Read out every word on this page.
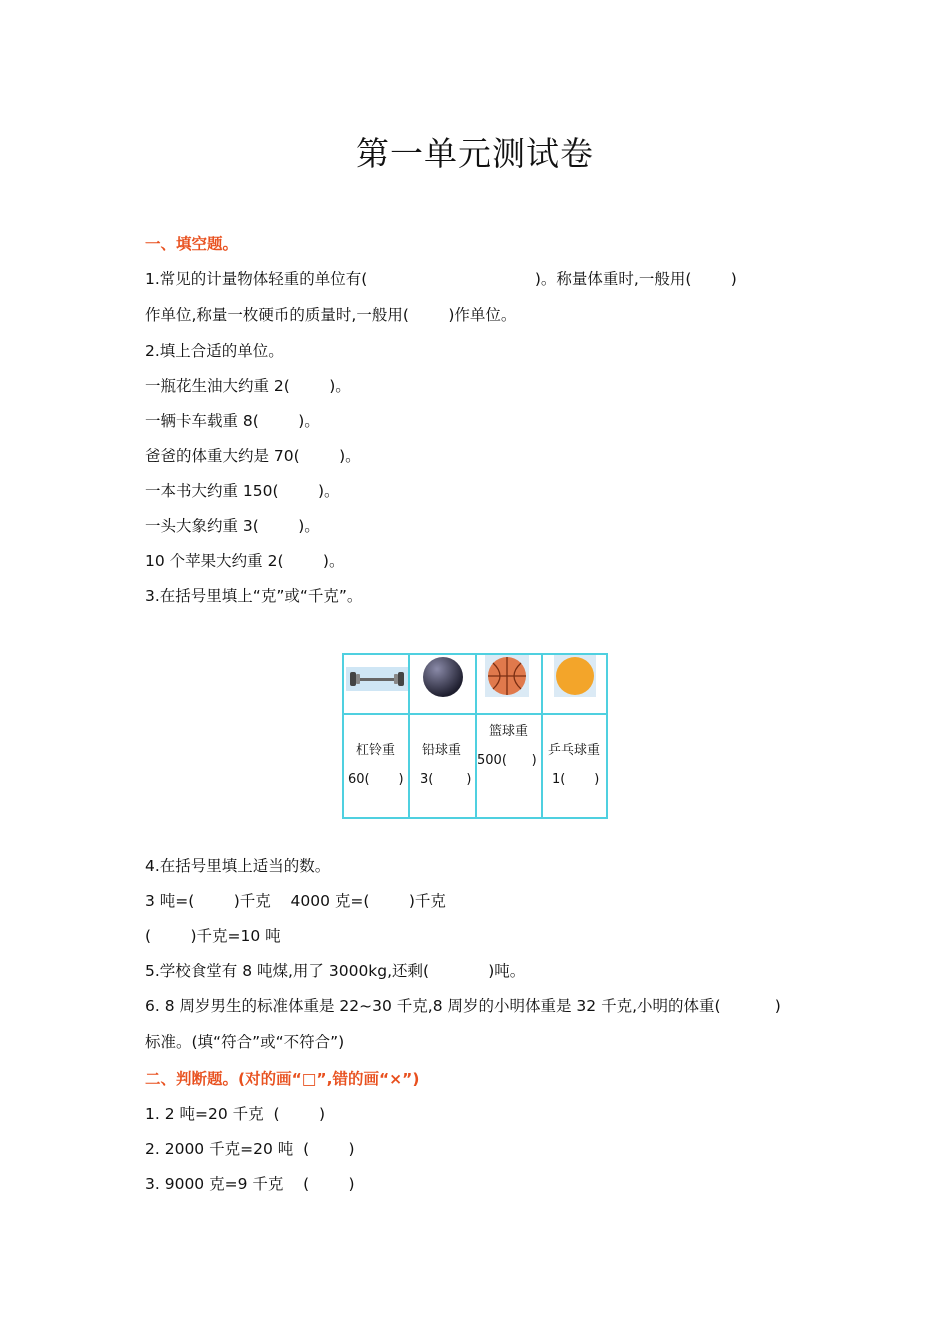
第一单元测试卷
一、填空题。
1.常见的计量物体轻重的单位有(                                  )。称量体重时,一般用(        )
作单位,称量一枚硬币的质量时,一般用(        )作单位。
2.填上合适的单位。
一瓶花生油大约重 2(        )。
一辆卡车载重 8(        )。
爸爸的体重大约是 70(        )。
一本书大约重 150(        )。
一头大象约重 3(        )。
10 个苹果大约重 2(        )。
3.在括号里填上“克”或“千克”。
杠铃重
60(       )
铅球重
3(        )
篮球重
500(      )
乒乓球重
1(       )
4.在括号里填上适当的数。
3 吨=(        )千克    4000 克=(        )千克
(        )千克=10 吨
5.学校食堂有 8 吨煤,用了 3000kg,还剩(            )吨。
6. 8 周岁男生的标准体重是 22~30 千克,8 周岁的小明体重是 32 千克,小明的体重(           )
标准。(填“符合”或“不符合”)
二、判断题。(对的画“□”,错的画“×”)
1. 2 吨=20 千克  (        )
2. 2000 千克=20 吨  (        )
3. 9000 克=9 千克    (        )
